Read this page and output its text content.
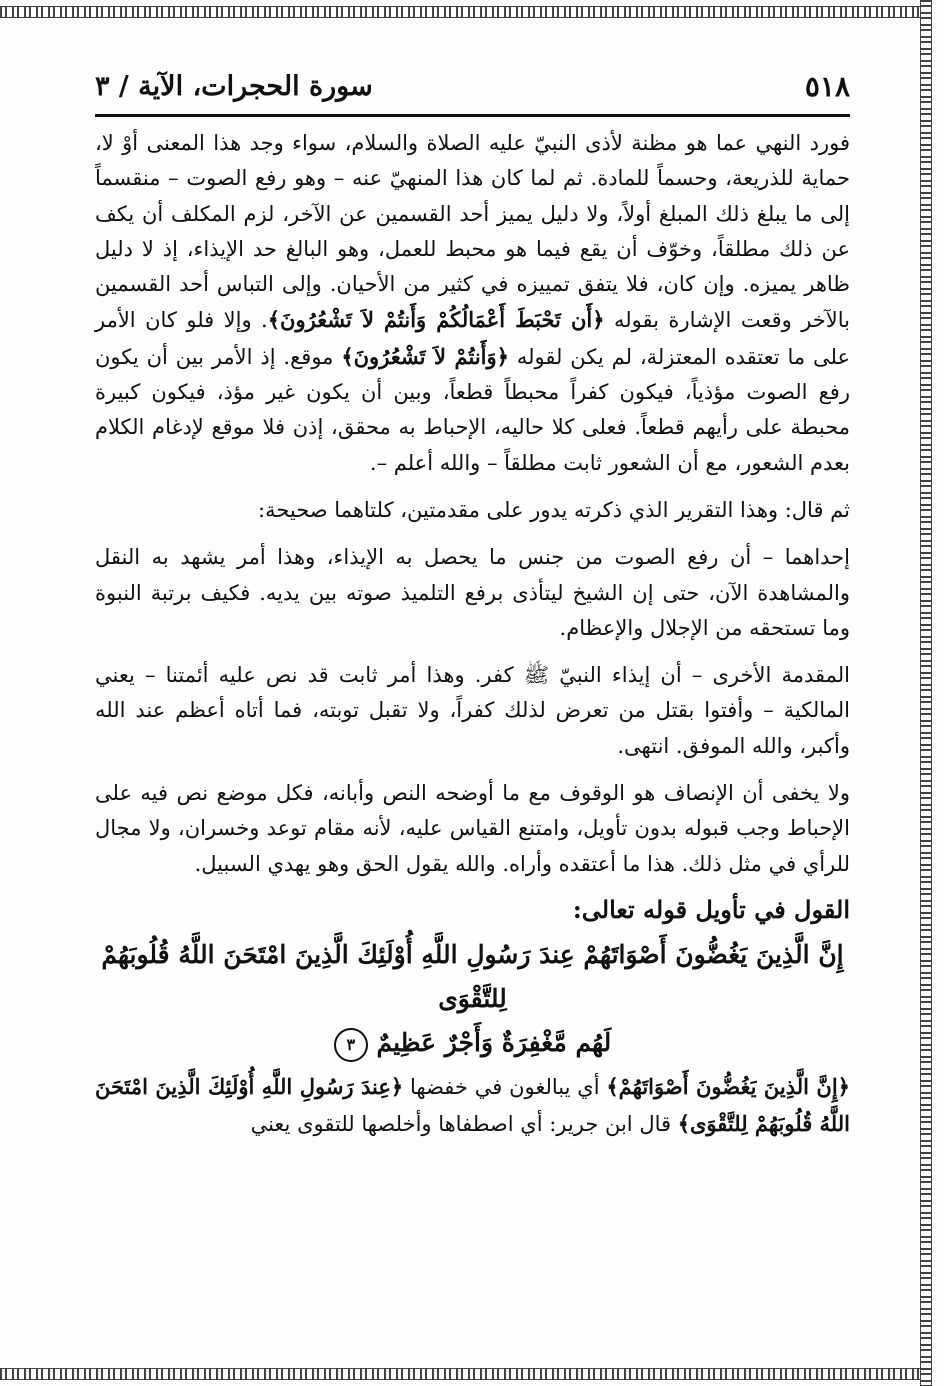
٥١٨
سورة الحجرات، الآية / ٣

فورد النهي عما هو مظنة لأذى النبيّ عليه الصلاة والسلام، سواء وجد هذا المعنى أوْ لا، حماية للذريعة، وحسماً للمادة. ثم لما كان هذا المنهيّ عنه – وهو رفع الصوت – منقسماً إلى ما يبلغ ذلك المبلغ أولاً، ولا دليل يميز أحد القسمين عن الآخر، لزم المكلف أن يكف عن ذلك مطلقاً، وخوّف أن يقع فيما هو محبط للعمل، وهو البالغ حد الإيذاء، إذ لا دليل ظاهر يميزه. وإن كان، فلا يتفق تمييزه في كثير من الأحيان. وإلى التباس أحد القسمين بالآخر وقعت الإشارة بقوله ﴿أَن تَحْبَطَ أَعْمَالُكُمْ وَأَنتُمْ لاَ تَشْعُرُونَ﴾. وإلا فلو كان الأمر على ما تعتقده المعتزلة، لم يكن لقوله ﴿وَأَنتُمْ لاَ تَشْعُرُونَ﴾ موقع. إذ الأمر بين أن يكون رفع الصوت مؤذياً، فيكون كفراً محبطاً قطعاً، وبين أن يكون غير مؤذ، فيكون كبيرة محبطة على رأيهم قطعاً. فعلى كلا حاليه، الإحباط به محقق، إذن فلا موقع لإدغام الكلام بعدم الشعور، مع أن الشعور ثابت مطلقاً – والله أعلم –.

ثم قال: وهذا التقرير الذي ذكرته يدور على مقدمتين، كلتاهما صحيحة:

إحداهما – أن رفع الصوت من جنس ما يحصل به الإيذاء، وهذا أمر يشهد به النقل والمشاهدة الآن، حتى إن الشيخ ليتأذى برفع التلميذ صوته بين يديه. فكيف برتبة النبوة وما تستحقه من الإجلال والإعظام.

المقدمة الأخرى – أن إيذاء النبيّ ﷺ كفر. وهذا أمر ثابت قد نص عليه أئمتنا – يعني المالكية – وأفتوا بقتل من تعرض لذلك كفراً، ولا تقبل توبته، فما أتاه أعظم عند الله وأكبر، والله الموفق. انتهى.

ولا يخفى أن الإنصاف هو الوقوف مع ما أوضحه النص وأبانه، فكل موضع نص فيه على الإحباط وجب قبوله بدون تأويل، وامتنع القياس عليه، لأنه مقام توعد وخسران، ولا مجال للرأي في مثل ذلك. هذا ما أعتقده وأراه. والله يقول الحق وهو يهدي السبيل.

القول في تأويل قوله تعالى:

إِنَّ الَّذِينَ يَغُضُّونَ أَصْوَاتَهُمْ عِندَ رَسُولِ اللَّهِ أُوْلَئِكَ الَّذِينَ امْتَحَنَ اللَّهُ قُلُوبَهُمْ لِلتَّقْوَى
لَهُم مَّغْفِرَةٌ وَأَجْرٌ عَظِيمٌ ٣

﴿إِنَّ الَّذِينَ يَغُضُّونَ أَصْوَاتَهُمْ﴾ أي يبالغون في خفضها ﴿عِندَ رَسُولِ اللَّهِ أُوْلَئِكَ الَّذِينَ امْتَحَنَ اللَّهُ قُلُوبَهُمْ لِلتَّقْوَى﴾ قال ابن جرير: أي اصطفاها وأخلصها للتقوى يعني
